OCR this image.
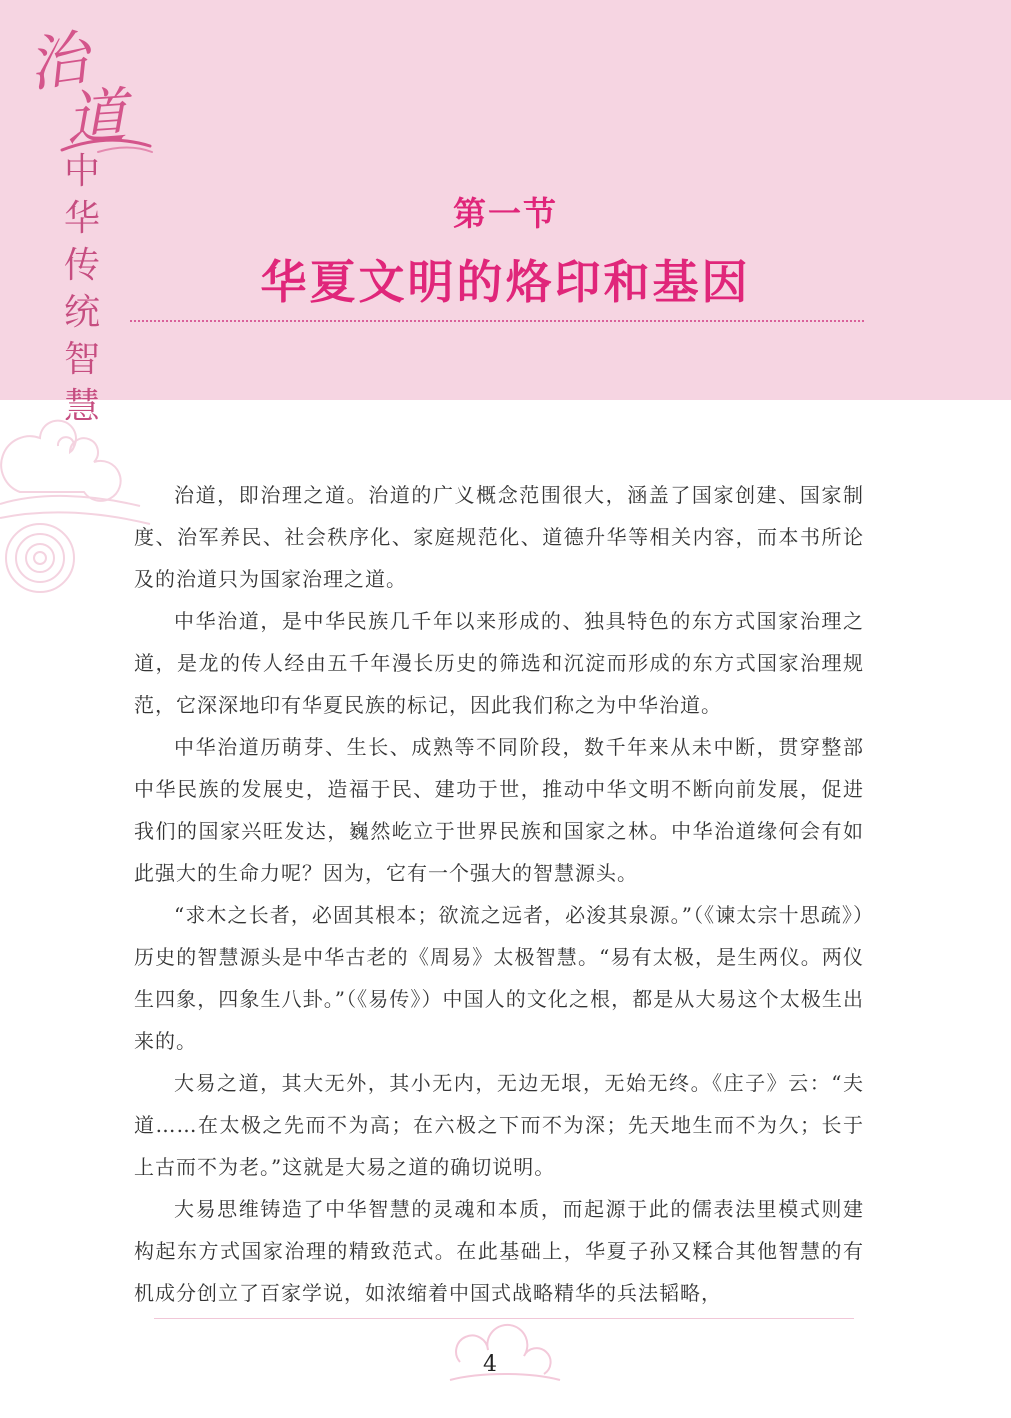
治
道
中
华
传
统
智
慧
第一节
华夏文明的烙印和基因

治道，即治理之道。治道的广义概念范围很大，涵盖了国家创建、国家制度、治军养民、社会秩序化、家庭规范化、道德升华等相关内容，而本书所论及的治道只为国家治理之道。

中华治道，是中华民族几千年以来形成的、独具特色的东方式国家治理之道，是龙的传人经由五千年漫长历史的筛选和沉淀而形成的东方式国家治理规范，它深深地印有华夏民族的标记，因此我们称之为中华治道。

中华治道历萌芽、生长、成熟等不同阶段，数千年来从未中断，贯穿整部中华民族的发展史，造福于民、建功于世，推动中华文明不断向前发展，促进我们的国家兴旺发达，巍然屹立于世界民族和国家之林。中华治道缘何会有如此强大的生命力呢？因为，它有一个强大的智慧源头。

“求木之长者，必固其根本；欲流之远者，必浚其泉源。”（《谏太宗十思疏》）历史的智慧源头是中华古老的《周易》太极智慧。“易有太极，是生两仪。两仪生四象，四象生八卦。”（《易传》）中国人的文化之根，都是从大易这个太极生出来的。

大易之道，其大无外，其小无内，无边无垠，无始无终。《庄子》云：“夫道……在太极之先而不为高；在六极之下而不为深；先天地生而不为久；长于上古而不为老。”这就是大易之道的确切说明。

大易思维铸造了中华智慧的灵魂和本质，而起源于此的儒表法里模式则建构起东方式国家治理的精致范式。在此基础上，华夏子孙又糅合其他智慧的有机成分创立了百家学说，如浓缩着中国式战略精华的兵法韬略，

4
